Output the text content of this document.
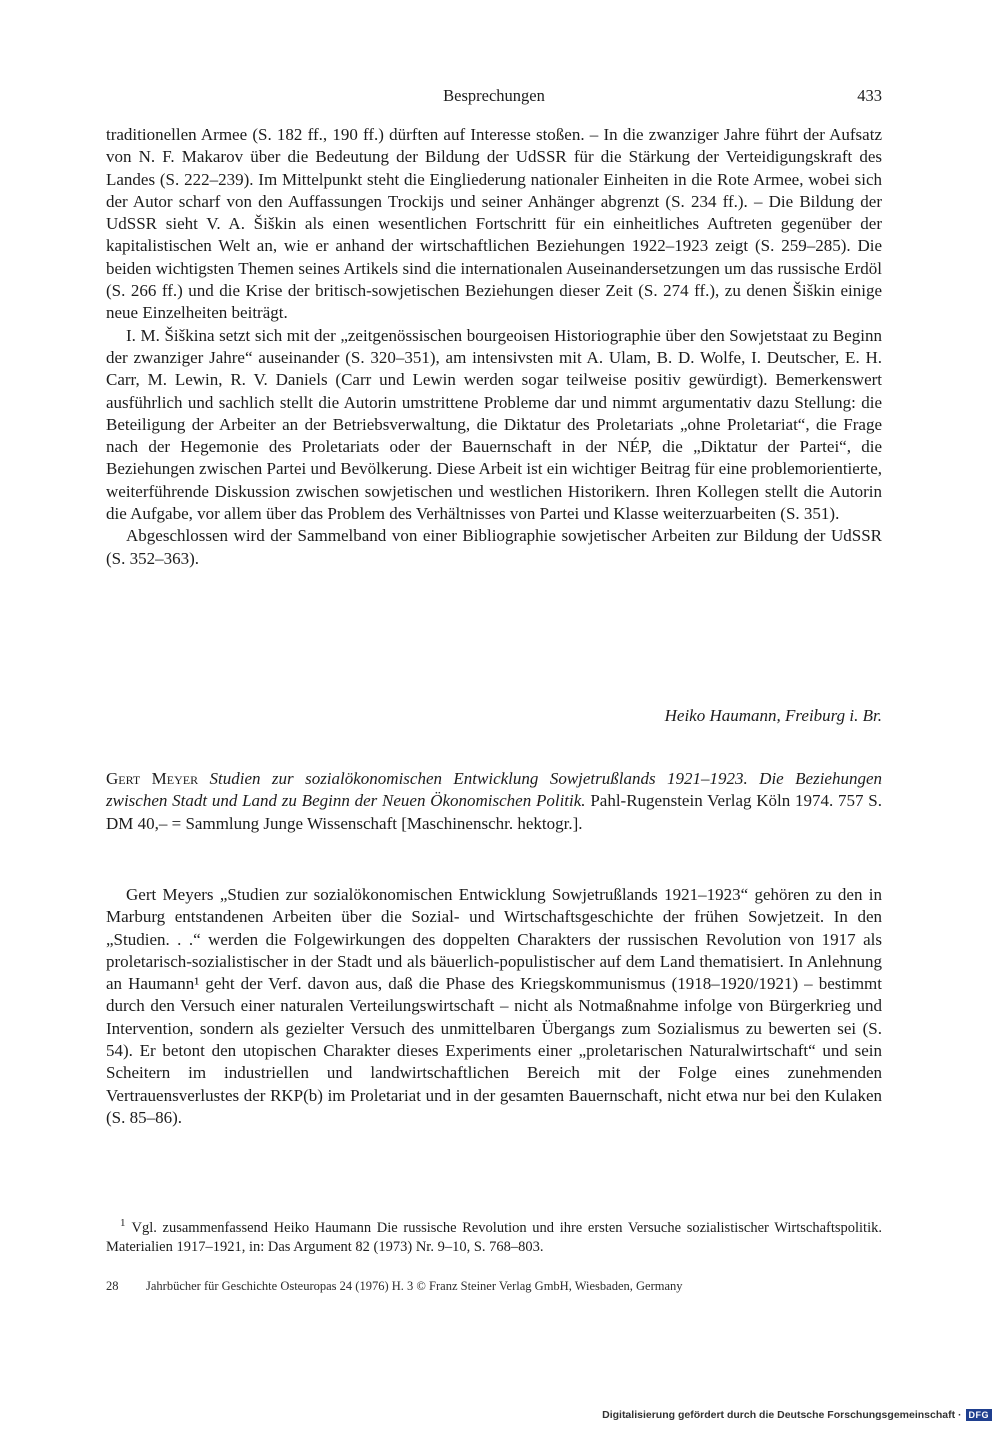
Besprechungen	433

traditionellen Armee (S. 182 ff., 190 ff.) dürften auf Interesse stoßen. – In die zwanziger Jahre führt der Aufsatz von N. F. Makarov über die Bedeutung der Bildung der UdSSR für die Stärkung der Verteidigungskraft des Landes (S. 222–239). Im Mittelpunkt steht die Eingliederung nationaler Einheiten in die Rote Armee, wobei sich der Autor scharf von den Auffassungen Trockijs und seiner Anhänger abgrenzt (S. 234 ff.). – Die Bildung der UdSSR sieht V. A. Šiškin als einen wesentlichen Fortschritt für ein einheitliches Auftreten gegenüber der kapitalistischen Welt an, wie er anhand der wirtschaftlichen Beziehungen 1922–1923 zeigt (S. 259–285). Die beiden wichtigsten Themen seines Artikels sind die internationalen Auseinandersetzungen um das russische Erdöl (S. 266 ff.) und die Krise der britisch-sowjetischen Beziehungen dieser Zeit (S. 274 ff.), zu denen Šiškin einige neue Einzelheiten beiträgt.

I. M. Šiškina setzt sich mit der „zeitgenössischen bourgeoisen Historiographie über den Sowjetstaat zu Beginn der zwanziger Jahre“ auseinander (S. 320–351), am intensivsten mit A. Ulam, B. D. Wolfe, I. Deutscher, E. H. Carr, M. Lewin, R. V. Daniels (Carr und Lewin werden sogar teilweise positiv gewürdigt). Bemerkenswert ausführlich und sachlich stellt die Autorin umstrittene Probleme dar und nimmt argumentativ dazu Stellung: die Beteiligung der Arbeiter an der Betriebsverwaltung, die Diktatur des Proletariats „ohne Proletariat“, die Frage nach der Hegemonie des Proletariats oder der Bauernschaft in der NÉP, die „Diktatur der Partei“, die Beziehungen zwischen Partei und Bevölkerung. Diese Arbeit ist ein wichtiger Beitrag für eine problemorientierte, weiterführende Diskussion zwischen sowjetischen und westlichen Historikern. Ihren Kollegen stellt die Autorin die Aufgabe, vor allem über das Problem des Verhältnisses von Partei und Klasse weiterzuarbeiten (S. 351).

Abgeschlossen wird der Sammelband von einer Bibliographie sowjetischer Arbeiten zur Bildung der UdSSR (S. 352–363).

Heiko Haumann, Freiburg i. Br.
Gert Meyer Studien zur sozialökonomischen Entwicklung Sowjetrußlands 1921–1923. Die Beziehungen zwischen Stadt und Land zu Beginn der Neuen Ökonomischen Politik. Pahl-Rugenstein Verlag Köln 1974. 757 S. DM 40,– = Sammlung Junge Wissenschaft [Maschinenschr. hektogr.].

Gert Meyers „Studien zur sozialökonomischen Entwicklung Sowjetrußlands 1921–1923“ gehören zu den in Marburg entstandenen Arbeiten über die Sozial- und Wirtschaftsgeschichte der frühen Sowjetzeit. In den „Studien. . .“ werden die Folgewirkungen des doppelten Charakters der russischen Revolution von 1917 als proletarisch-sozialistischer in der Stadt und als bäuerlich-populistischer auf dem Land thematisiert. In Anlehnung an Haumann¹ geht der Verf. davon aus, daß die Phase des Kriegskommunismus (1918–1920/1921) – bestimmt durch den Versuch einer naturalen Verteilungswirtschaft – nicht als Notmaßnahme infolge von Bürgerkrieg und Intervention, sondern als gezielter Versuch des unmittelbaren Übergangs zum Sozialismus zu bewerten sei (S. 54). Er betont den utopischen Charakter dieses Experiments einer „proletarischen Naturalwirtschaft“ und sein Scheitern im industriellen und landwirtschaftlichen Bereich mit der Folge eines zunehmenden Vertrauensverlustes der RKP(b) im Proletariat und in der gesamten Bauernschaft, nicht etwa nur bei den Kulaken (S. 85–86).

$^1$ Vgl. zusammenfassend Heiko Haumann Die russische Revolution und ihre ersten Versuche sozialistischer Wirtschaftspolitik. Materialien 1917–1921, in: Das Argument 82 (1973) Nr. 9–10, S. 768–803.
28 Jahrbücher für Geschichte Osteuropas 24 (1976) H. 3 © Franz Steiner Verlag GmbH, Wiesbaden, Germany
Digitalisierung gefördert durch die Deutsche Forschungsgemeinschaft · DFG
